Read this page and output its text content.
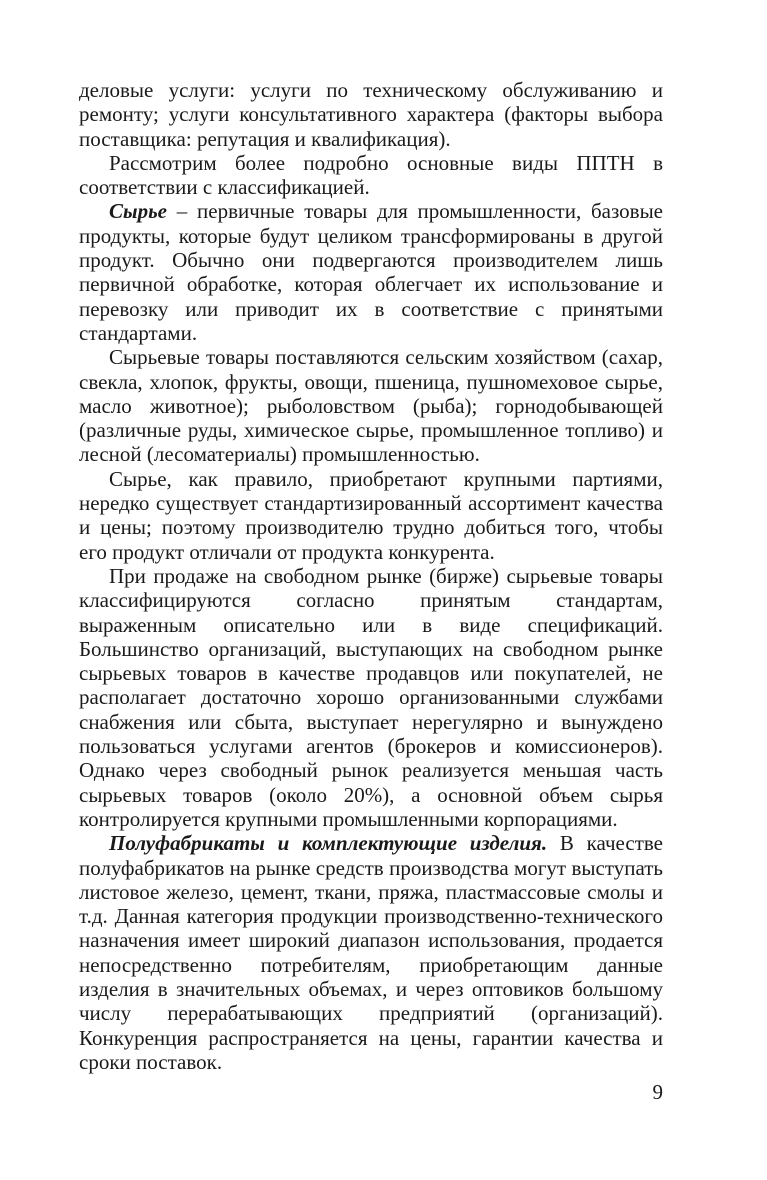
деловые услуги: услуги по техническому обслуживанию и ремонту; услуги консультативного характера (факторы выбора поставщика: репутация и квалификация).

Рассмотрим более подробно основные виды ППТН в соответствии с классификацией.

Сырье – первичные товары для промышленности, базовые продукты, которые будут целиком трансформированы в другой продукт. Обычно они подвергаются производителем лишь первичной обработке, которая облегчает их использование и перевозку или приводит их в соответствие с принятыми стандартами.

Сырьевые товары поставляются сельским хозяйством (сахар, свекла, хлопок, фрукты, овощи, пшеница, пушномеховое сырье, масло животное); рыболовством (рыба); горнодобывающей (различные руды, химическое сырье, промышленное топливо) и лесной (лесоматериалы) промышленностью.

Сырье, как правило, приобретают крупными партиями, нередко существует стандартизированный ассортимент качества и цены; поэтому производителю трудно добиться того, чтобы его продукт отличали от продукта конкурента.

При продаже на свободном рынке (бирже) сырьевые товары классифицируются согласно принятым стандартам, выраженным описательно или в виде спецификаций. Большинство организаций, выступающих на свободном рынке сырьевых товаров в качестве продавцов или покупателей, не располагает достаточно хорошо организованными службами снабжения или сбыта, выступает нерегулярно и вынуждено пользоваться услугами агентов (брокеров и комиссионеров). Однако через свободный рынок реализуется меньшая часть сырьевых товаров (около 20%), а основной объем сырья контролируется крупными промышленными корпорациями.

Полуфабрикаты и комплектующие изделия. В качестве полуфабрикатов на рынке средств производства могут выступать листовое железо, цемент, ткани, пряжа, пластмассовые смолы и т.д. Данная категория продукции производственно-технического назначения имеет широкий диапазон использования, продается непосредственно потребителям, приобретающим данные изделия в значительных объемах, и через оптовиков большому числу перерабатывающих предприятий (организаций). Конкуренция распространяется на цены, гарантии качества и сроки поставок.

9
